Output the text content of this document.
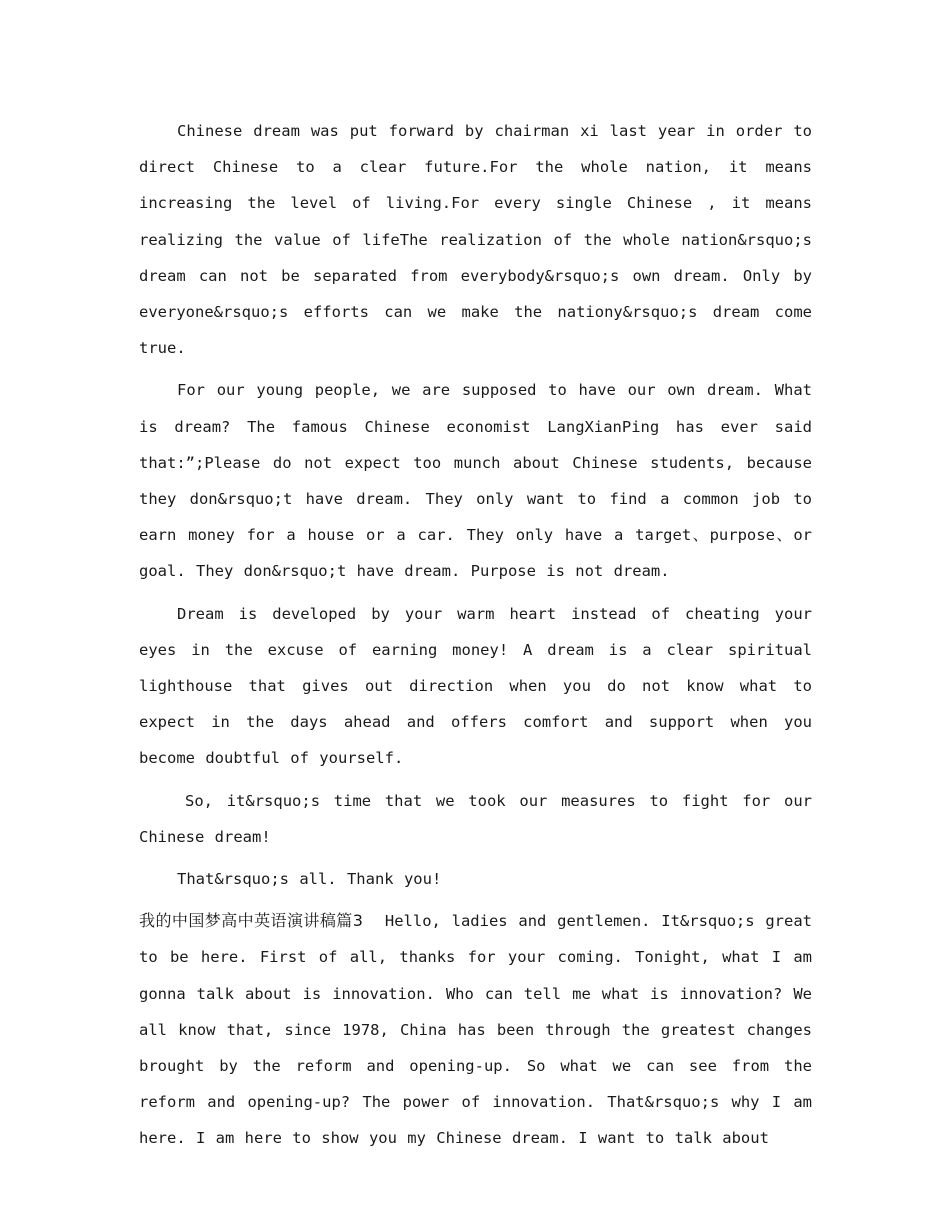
Chinese dream was put forward by chairman xi last year in order to direct Chinese to a clear future.For the whole nation, it means increasing the level of living.For every single Chinese , it means realizing the value of lifeThe realization of the whole nation&rsquo;s dream can not be separated from everybody&rsquo;s own dream. Only by everyone&rsquo;s efforts can we make the nationy&rsquo;s dream come true.

For our young people, we are supposed to have our own dream. What is dream? The famous Chinese economist LangXianPing has ever said that:”;Please do not expect too munch about Chinese students, because they don&rsquo;t have dream. They only want to find a common job to earn money for a house or a car. They only have a target、purpose、or goal. They don&rsquo;t have dream. Purpose is not dream.

Dream is developed by your warm heart instead of cheating your eyes in the excuse of earning money! A dream is a clear spiritual lighthouse that gives out direction when you do not know what to expect in the days ahead and offers comfort and support when you become doubtful of yourself.

So, it&rsquo;s time that we took our measures to fight for our Chinese dream!

That&rsquo;s all. Thank you!

我的中国梦高中英语演讲稿篇3 Hello, ladies and gentlemen. It&rsquo;s great to be here. First of all, thanks for your coming. Tonight, what I am gonna talk about is innovation. Who can tell me what is innovation? We all know that, since 1978, China has been through the greatest changes brought by the reform and opening-up. So what we can see from the reform and opening-up? The power of innovation. That&rsquo;s why I am here. I am here to show you my Chinese dream. I want to talk about
